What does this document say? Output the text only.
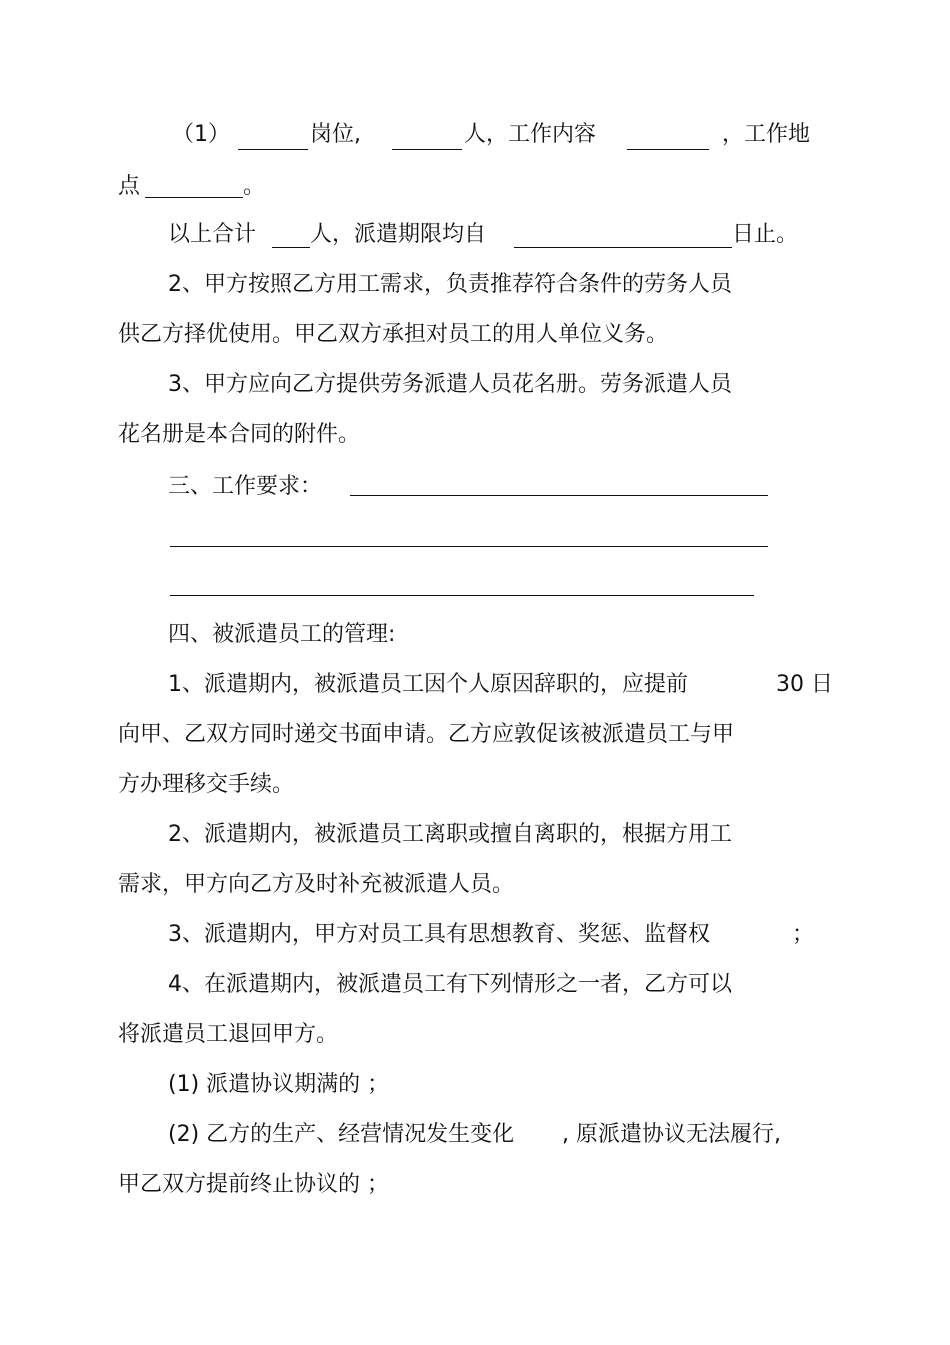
（1）	岗位,	人，工作内容	，工作地
点	。
以上合计 人，派遣期限均自	日止。
2、甲方按照乙方用工需求，负责推荐符合条件的劳务人员
供乙方择优使用。甲乙双方承担对员工的用人单位义务。
3、甲方应向乙方提供劳务派遣人员花名册。劳务派遣人员
花名册是本合同的附件。
三、工作要求：
四、被派遣员工的管理:
1、派遣期内，被派遣员工因个人原因辞职的，应提前	30 日
向甲、乙双方同时递交书面申请。乙方应敦促该被派遣员工与甲
方办理移交手续。
2、派遣期内，被派遣员工离职或擅自离职的，根据方用工
需求，甲方向乙方及时补充被派遣人员。
3、派遣期内，甲方对员工具有思想教育、奖惩、监督权	；
4、在派遣期内，被派遣员工有下列情形之一者，乙方可以
将派遣员工退回甲方。
(1) 派遣协议期满的 ；
(2) 乙方的生产、经营情况发生变化 , 原派遣协议无法履行,
甲乙双方提前终止协议的 ；
